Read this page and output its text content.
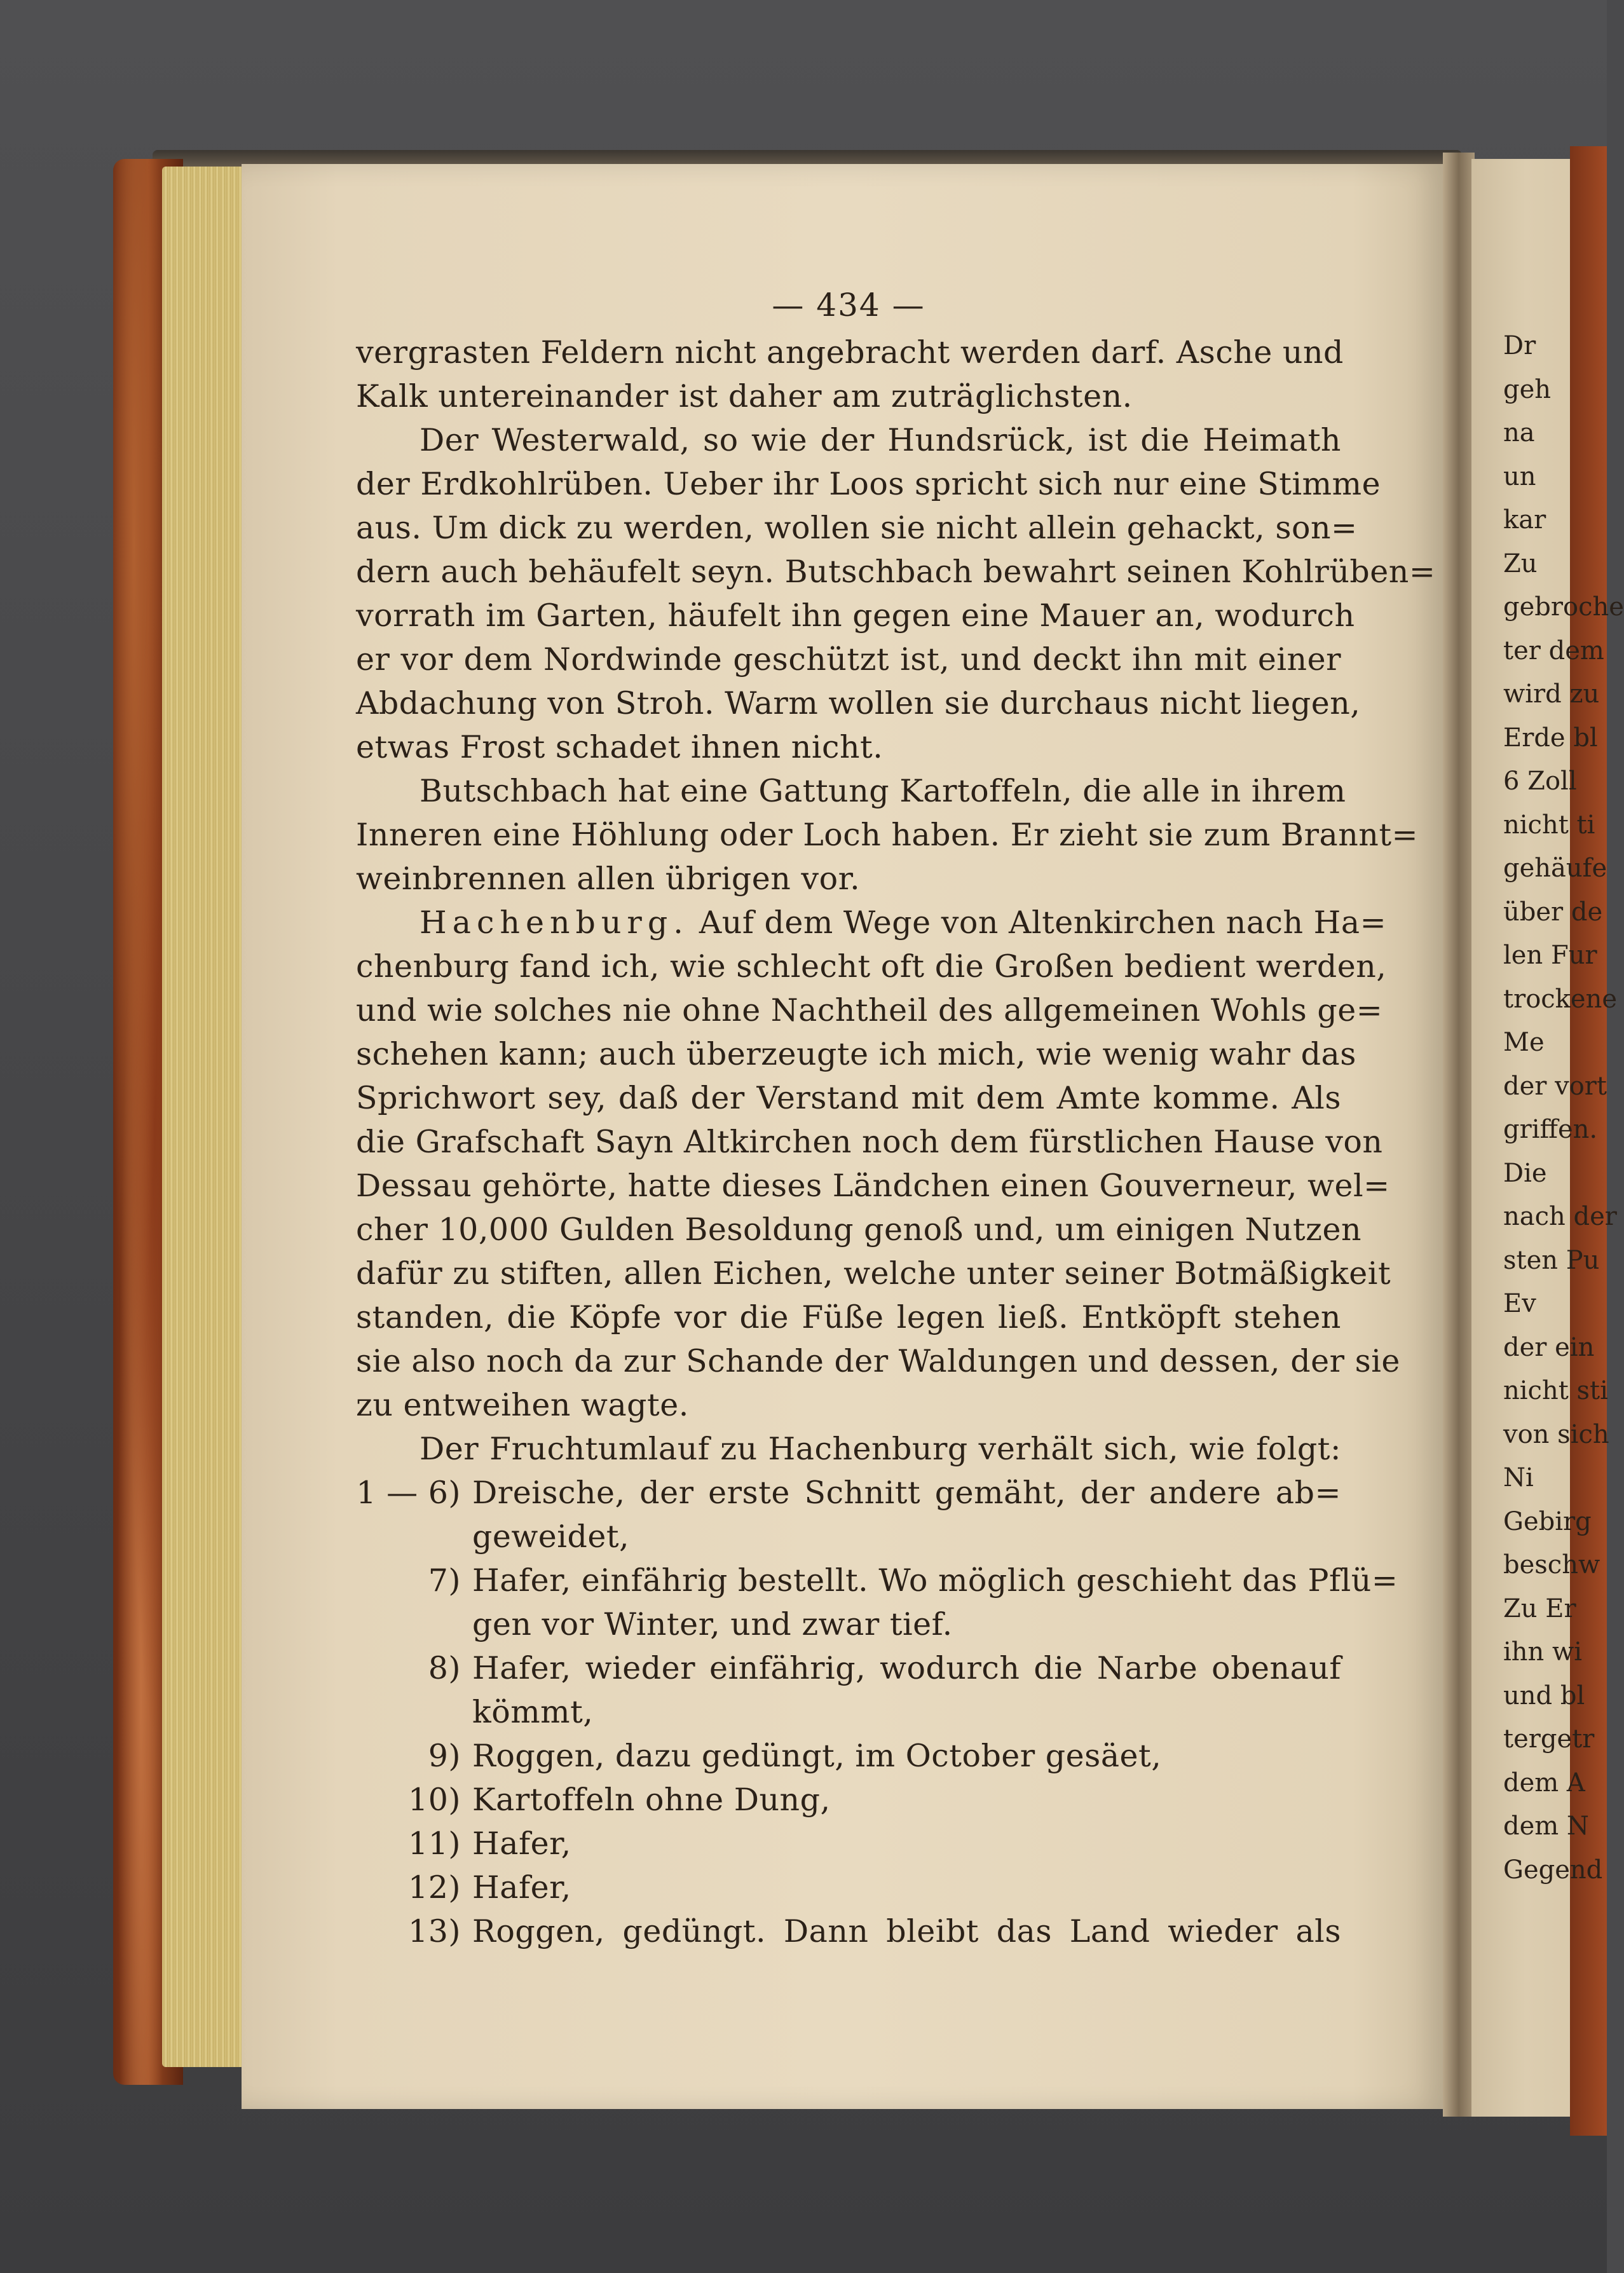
Dr
geh
na
un
kar
Zu
gebroche
ter dem
wird zu
Erde bl
6 Zoll
nicht ti
gehäufe
über de
len Fur
trockene
Me
der vort
griffen.
Die
nach der
sten Pu
Ev
der ein
nicht sti
von sich
Ni
Gebirg
beschw
Zu Er
ihn wi
und bl
tergetr
dem A
dem N
Gegend
— 434 —
vergrasten Feldern nicht angebracht werden darf. Asche und
Kalk untereinander ist daher am zuträglichsten.
Der Westerwald, so wie der Hundsrück, ist die Heimath
der Erdkohlrüben. Ueber ihr Loos spricht sich nur eine Stimme
aus. Um dick zu werden, wollen sie nicht allein gehackt, son=
dern auch behäufelt seyn. Butschbach bewahrt seinen Kohlrüben=
vorrath im Garten, häufelt ihn gegen eine Mauer an, wodurch
er vor dem Nordwinde geschützt ist, und deckt ihn mit einer
Abdachung von Stroh. Warm wollen sie durchaus nicht liegen,
etwas Frost schadet ihnen nicht.
Butschbach hat eine Gattung Kartoffeln, die alle in ihrem
Inneren eine Höhlung oder Loch haben. Er zieht sie zum Brannt=
weinbrennen allen übrigen vor.
Hachenburg. Auf dem Wege von Altenkirchen nach Ha=
chenburg fand ich, wie schlecht oft die Großen bedient werden,
und wie solches nie ohne Nachtheil des allgemeinen Wohls ge=
schehen kann; auch überzeugte ich mich, wie wenig wahr das
Sprichwort sey, daß der Verstand mit dem Amte komme. Als
die Grafschaft Sayn Altkirchen noch dem fürstlichen Hause von
Dessau gehörte, hatte dieses Ländchen einen Gouverneur, wel=
cher 10,000 Gulden Besoldung genoß und, um einigen Nutzen
dafür zu stiften, allen Eichen, welche unter seiner Botmäßigkeit
standen, die Köpfe vor die Füße legen ließ. Entköpft stehen
sie also noch da zur Schande der Waldungen und dessen, der sie
zu entweihen wagte.
Der Fruchtumlauf zu Hachenburg verhält sich, wie folgt:
1 — 6) Dreische, der erste Schnitt gemäht, der andere ab=
geweidet,
7) Hafer, einfährig bestellt. Wo möglich geschieht das Pflü=
gen vor Winter, und zwar tief.
8) Hafer, wieder einfährig, wodurch die Narbe obenauf
kömmt,
9) Roggen, dazu gedüngt, im October gesäet,
10) Kartoffeln ohne Dung,
11) Hafer,
12) Hafer,
13) Roggen, gedüngt. Dann bleibt das Land wieder als
